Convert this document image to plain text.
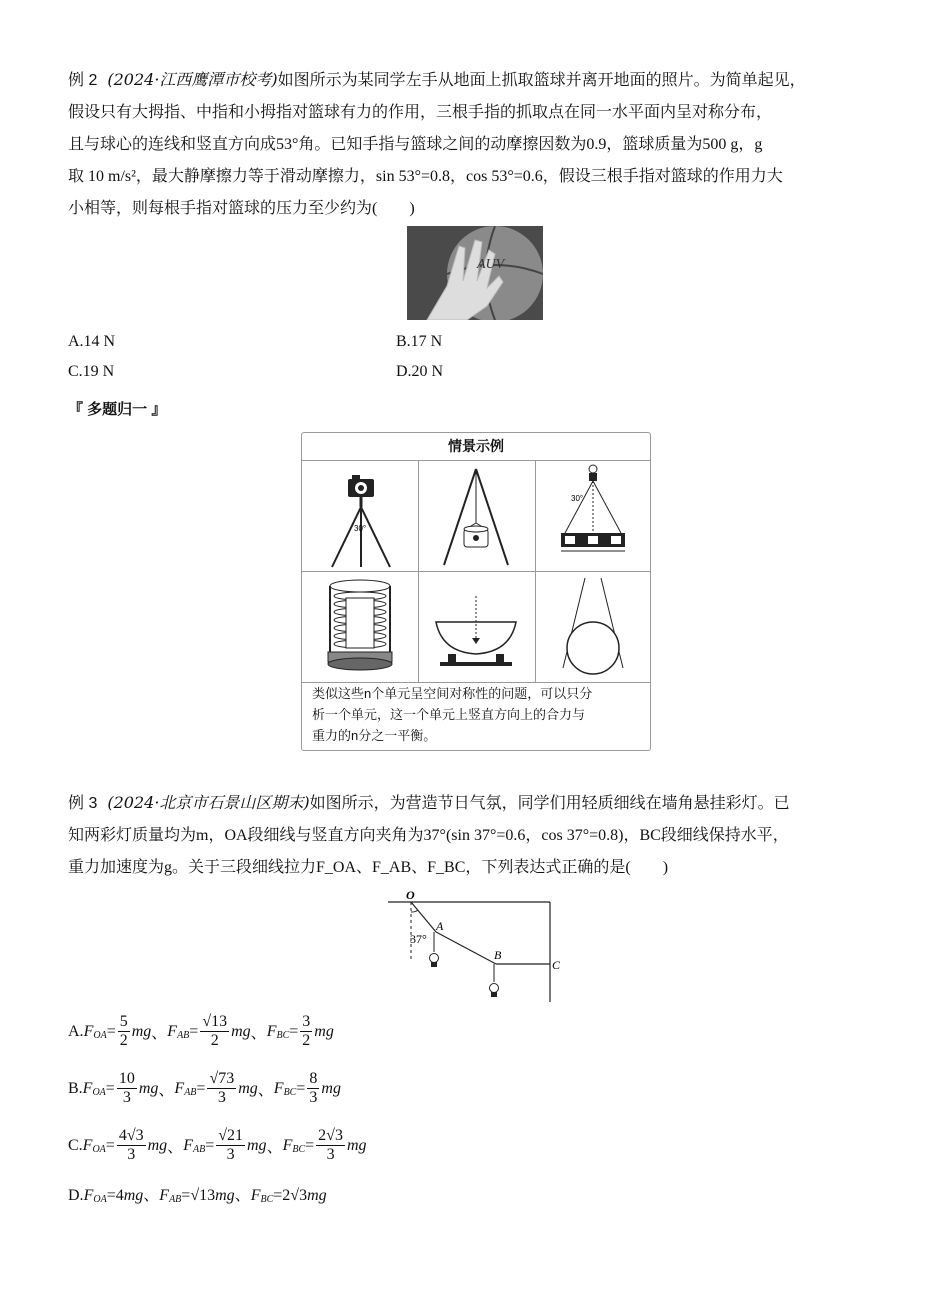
例 2 (2024·江西鹰潭市校考)如图所示为某同学左手从地面上抓取篮球并离开地面的照片。为简单起见，
假设只有大拇指、中指和小拇指对篮球有力的作用，三根手指的抓取点在同一水平面内呈对称分布，
且与球心的连线和竖直方向成53°角。已知手指与篮球之间的动摩擦因数为0.9，篮球质量为500 g，g
取 10 m/s²，最大静摩擦力等于滑动摩擦力，sin 53°=0.8，cos 53°=0.6，假设三根手指对篮球的作用力大
小相等，则每根手指对篮球的压力至少约为(　　)
AUV
A.14 N	B.17 N
C.19 N	D.20 N
『 多题归一 』
情景示例
30°
30°
类似这些n个单元呈空间对称性的问题，可以只分
析一个单元，这一个单元上竖直方向上的合力与
重力的n分之一平衡。
例 3 (2024·北京市石景山区期末)如图所示，为营造节日气氛，同学们用轻质细线在墙角悬挂彩灯。已
知两彩灯质量均为m，OA段细线与竖直方向夹角为37°(sin 37°=0.6，cos 37°=0.8)，BC段细线保持水平，
重力加速度为g。关于三段细线拉力F_OA、F_AB、F_BC，下列表达式正确的是(　　)
O
A
B
C
37°
A. F OA = $\frac{5}{2}$ mg 、 F AB = $\frac{√13}{2}$ mg 、 F BC = $\frac{3}{2}$ mg
B. F OA = $\frac{10}{3}$ mg 、 F AB = $\frac{√73}{3}$ mg 、 F BC = $\frac{8}{3}$ mg
C. F OA = $\frac{4√3}{3}$ mg 、 F AB = $\frac{√21}{3}$ mg 、 F BC = $\frac{2√3}{3}$ mg
D. F OA = 4 mg 、 F AB = √13 mg 、 F BC = 2√3 mg
